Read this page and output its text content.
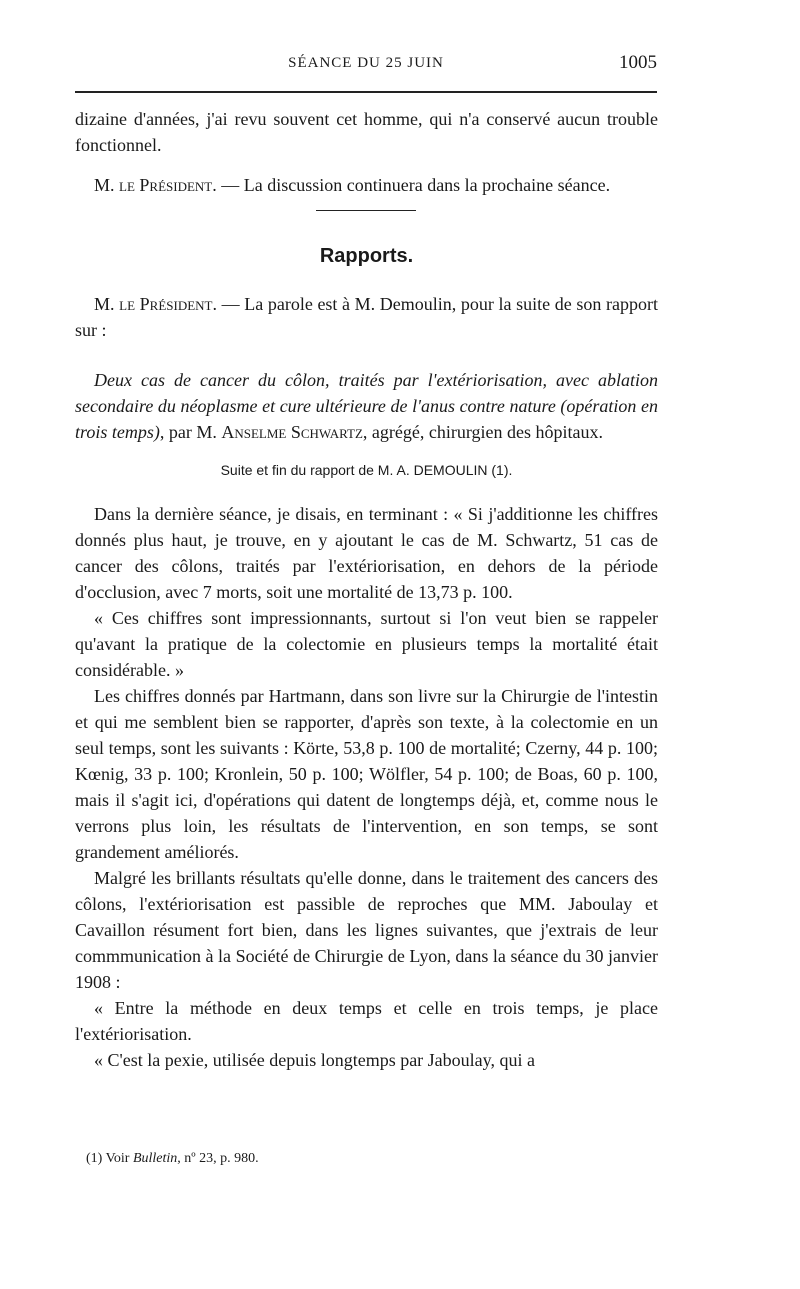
SÉANCE DU 25 JUIN	1005

dizaine d'années, j'ai revu souvent cet homme, qui n'a conservé aucun trouble fonctionnel.

M. le Président. — La discussion continuera dans la prochaine séance.

Rapports.

M. le Président. — La parole est à M. Demoulin, pour la suite de son rapport sur :

Deux cas de cancer du côlon, traités par l'extériorisation, avec ablation secondaire du néoplasme et cure ultérieure de l'anus contre nature (opération en trois temps), par M. Anselme Schwartz, agrégé, chirurgien des hôpitaux.

Suite et fin du rapport de M. A. DEMOULIN (1).

Dans la dernière séance, je disais, en terminant : « Si j'additionne les chiffres donnés plus haut, je trouve, en y ajoutant le cas de M. Schwartz, 51 cas de cancer des côlons, traités par l'extériorisation, en dehors de la période d'occlusion, avec 7 morts, soit une mortalité de 13,73 p. 100.

« Ces chiffres sont impressionnants, surtout si l'on veut bien se rappeler qu'avant la pratique de la colectomie en plusieurs temps la mortalité était considérable. »

Les chiffres donnés par Hartmann, dans son livre sur la Chirurgie de l'intestin et qui me semblent bien se rapporter, d'après son texte, à la colectomie en un seul temps, sont les suivants : Körte, 53,8 p. 100 de mortalité; Czerny, 44 p. 100; Kœnig, 33 p. 100; Kronlein, 50 p. 100; Wölfler, 54 p. 100; de Boas, 60 p. 100, mais il s'agit ici, d'opérations qui datent de longtemps déjà, et, comme nous le verrons plus loin, les résultats de l'intervention, en son temps, se sont grandement améliorés.

Malgré les brillants résultats qu'elle donne, dans le traitement des cancers des côlons, l'extériorisation est passible de reproches que MM. Jaboulay et Cavaillon résument fort bien, dans les lignes suivantes, que j'extrais de leur commmunication à la Société de Chirurgie de Lyon, dans la séance du 30 janvier 1908 :

« Entre la méthode en deux temps et celle en trois temps, je place l'extériorisation.

« C'est la pexie, utilisée depuis longtemps par Jaboulay, qui a

(1) Voir Bulletin, nº 23, p. 980.
